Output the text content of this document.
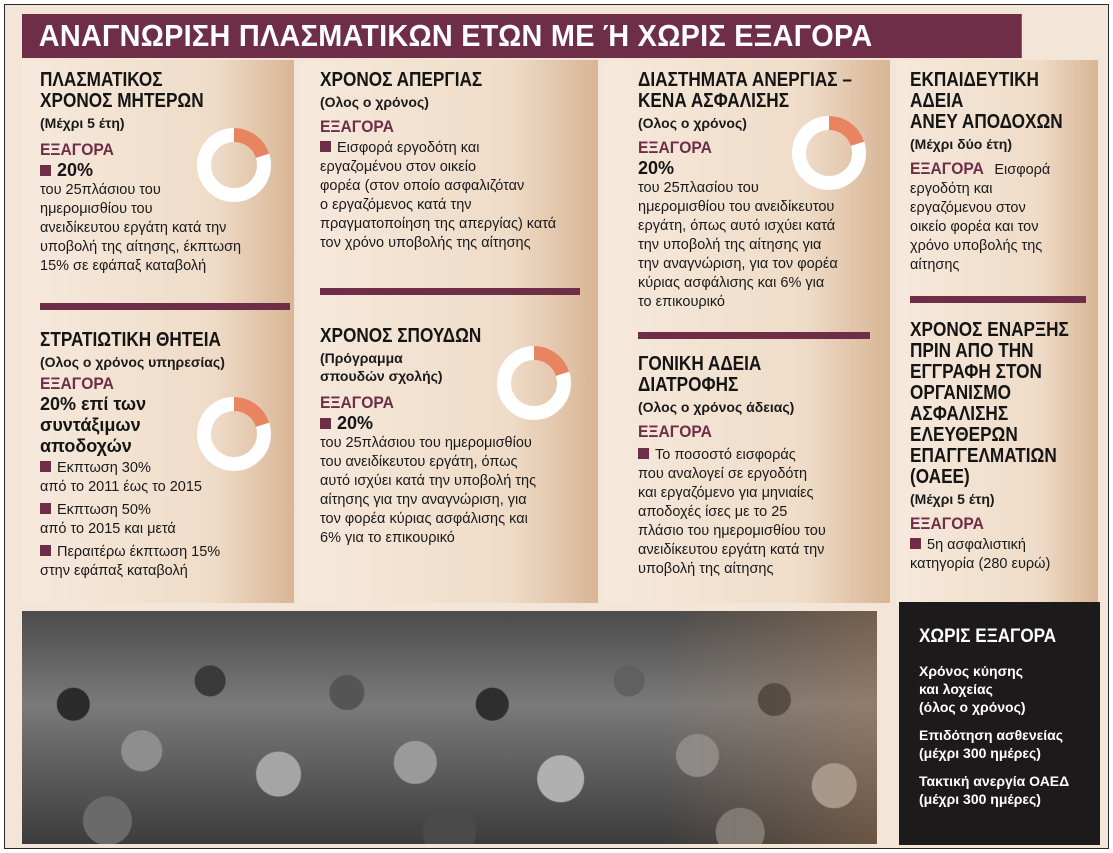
ΑΝΑΓΝΩΡΙΣΗ ΠΛΑΣΜΑΤΙΚΩΝ ΕΤΩΝ ΜΕ Ή ΧΩΡΙΣ ΕΞΑΓΟΡΑ

ΠΛΑΣΜΑΤΙΚΟΣ

ΧΡΟΝΟΣ ΜΗΤΕΡΩΝ

(Μέχρι 5 έτη)
ΕΞΑΓΟΡΑ
20%
του 25πλάσιου του
ημερομισθίου του
ανειδίκευτου εργάτη κατά την
υποβολή της αίτησης, έκπτωση
15% σε εφάπαξ καταβολή

ΣΤΡΑΤΙΩΤΙΚΗ ΘΗΤΕΙΑ

(Ολος ο χρόνος υπηρεσίας)
ΕΞΑΓΟΡΑ
20% επί των
συντάξιμων
αποδοχών
Εκπτωση 30%
από το 2011 έως το 2015
Εκπτωση 50%
από το 2015 και μετά
Περαιτέρω έκπτωση 15%
στην εφάπαξ καταβολή

ΧΡΟΝΟΣ ΑΠΕΡΓΙΑΣ

(Ολος ο χρόνος)
ΕΞΑΓΟΡΑ
Εισφορά εργοδότη και
εργαζομένου στον οικείο
φορέα (στον οποίο ασφαλιζόταν
ο εργαζόμενος κατά την
πραγματοποίηση της απεργίας) κατά
τον χρόνο υποβολής της αίτησης

ΧΡΟΝΟΣ ΣΠΟΥΔΩΝ

(Πρόγραμμα
σπουδών σχολής)
ΕΞΑΓΟΡΑ
20%
του 25πλάσιου του ημερομισθίου
του ανειδίκευτου εργάτη, όπως
αυτό ισχύει κατά την υποβολή της
αίτησης για την αναγνώριση, για
τον φορέα κύριας ασφάλισης και
6% για το επικουρικό

ΔΙΑΣΤΗΜΑΤΑ ΑΝΕΡΓΙΑΣ –

ΚΕΝΑ ΑΣΦΑΛΙΣΗΣ

(Ολος ο χρόνος)
ΕΞΑΓΟΡΑ
20%
του 25πλασίου του
ημερομισθίου του ανειδίκευτου
εργάτη, όπως αυτό ισχύει κατά
την υποβολή της αίτησης για
την αναγνώριση, για τον φορέα
κύριας ασφάλισης και 6% για
το επικουρικό

ΓΟΝΙΚΗ ΑΔΕΙΑ

ΔΙΑΤΡΟΦΗΣ

(Ολος ο χρόνος άδειας)
ΕΞΑΓΟΡΑ
Το ποσοστό εισφοράς
που αναλογεί σε εργοδότη
και εργαζόμενο για μηνιαίες
αποδοχές ίσες με το 25
πλάσιο του ημερομισθίου του
ανειδίκευτου εργάτη κατά την
υποβολή της αίτησης

ΕΚΠΑΙΔΕΥΤΙΚΗ

ΑΔΕΙΑ

ΑΝΕΥ ΑΠΟΔΟΧΩΝ

(Μέχρι δύο έτη)
ΕΞΑΓΟΡΑ Εισφορά
εργοδότη και
εργαζόμενου στον
οικείο φορέα και τον
χρόνο υποβολής της
αίτησης

ΧΡΟΝΟΣ ΕΝΑΡΞΗΣ

ΠΡΙΝ ΑΠΟ ΤΗΝ

ΕΓΓΡΑΦΗ ΣΤΟΝ

ΟΡΓΑΝΙΣΜΟ

ΑΣΦΑΛΙΣΗΣ

ΕΛΕΥΘΕΡΩΝ

ΕΠΑΓΓΕΛΜΑΤΙΩΝ

(ΟΑΕΕ)

(Μέχρι 5 έτη)
ΕΞΑΓΟΡΑ
5η ασφαλιστική
κατηγορία (280 ευρώ)
ΧΩΡΙΣ ΕΞΑΓΟΡΑ
Χρόνος κύησης
και λοχείας
(όλος ο χρόνος)
Επιδότηση ασθενείας
(μέχρι 300 ημέρες)
Τακτική ανεργία ΟΑΕΔ
(μέχρι 300 ημέρες)
